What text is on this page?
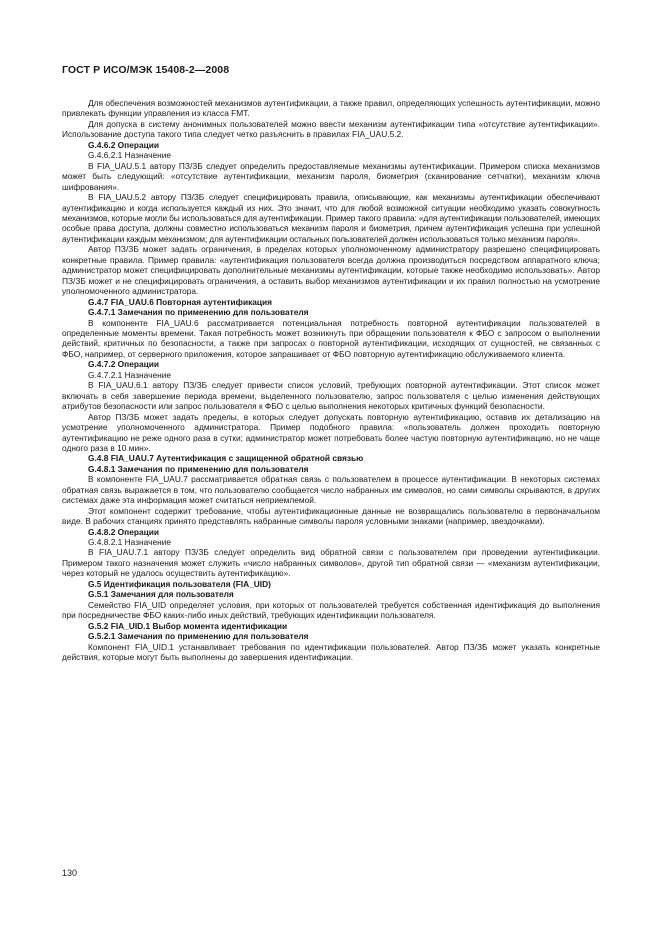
ГОСТ Р ИСО/МЭК 15408-2—2008

Для обеспечения возможностей механизмов аутентификации, а также правил, определяющих успешность аутентификации, можно привлекать функции управления из класса FMT.

Для допуска в систему анонимных пользователей можно ввести механизм аутентификации типа «отсутствие аутентификации». Использование доступа такого типа следует четко разъяснить в правилах FIA_UAU.5.2.

G.4.6.2 Операции

G.4.6.2.1 Назначение

В FIA_UAU.5.1 автору ПЗ/ЗБ следует определить предоставляемые механизмы аутентификации. Примером списка механизмов может быть следующий: «отсутствие аутентификации, механизм пароля, биометрия (сканирование сетчатки), механизм ключа шифрования».

В FIA_UAU.5.2 автору ПЗ/ЗБ следует специфицировать правила, описывающие, как механизмы аутентификации обеспечивают аутентификацию и когда используется каждый из них. Это значит, что для любой возможной ситуации необходимо указать совокупность механизмов, которые могли бы использоваться для аутентификации. Пример такого правила: «для аутентификации пользователей, имеющих особые права доступа, должны совместно использоваться механизм пароля и биометрия, причем аутентификация успешна при успешной аутентификации каждым механизмом; для аутентификации остальных пользователей должен использоваться только механизм пароля».

Автор ПЗ/ЗБ может задать ограничения, в пределах которых уполномоченному администратору разрешено специфицировать конкретные правила. Пример правила: «аутентификация пользователя всегда должна производиться посредством аппаратного ключа; администратор может специфицировать дополнительные механизмы аутентификации, которые также необходимо использовать». Автор ПЗ/ЗБ может и не специфицировать ограничения, а оставить выбор механизмов аутентификации и их правил полностью на усмотрение уполномоченного администратора.

G.4.7 FIA_UAU.6 Повторная аутентификация

G.4.7.1 Замечания по применению для пользователя

В компоненте FIA_UAU.6 рассматривается потенциальная потребность повторной аутентификации пользователей в определенные моменты времени. Такая потребность может возникнуть при обращении пользователя к ФБО с запросом о выполнении действий, критичных по безопасности, а также при запросах о повторной аутентификации, исходящих от сущностей, не связанных с ФБО, например, от серверного приложения, которое запрашивает от ФБО повторную аутентификацию обслуживаемого клиента.

G.4.7.2 Операции

G.4.7.2.1 Назначение

В FIA_UAU.6.1 автору ПЗ/ЗБ следует привести список условий, требующих повторной аутентификации. Этот список может включать в себя завершение периода времени, выделенного пользователю, запрос пользователя с целью изменения действующих атрибутов безопасности или запрос пользователя к ФБО с целью выполнения некоторых критичных функций безопасности.

Автор ПЗ/ЗБ может задать пределы, в которых следует допускать повторную аутентификацию, оставив их детализацию на усмотрение уполномоченного администратора. Пример подобного правила: «пользователь должен проходить повторную аутентификацию не реже одного раза в сутки; администратор может потребовать более частую повторную аутентификацию, но не чаще одного раза в 10 мин».

G.4.8 FIA_UAU.7 Аутентификация с защищенной обратной связью

G.4.8.1 Замечания по применению для пользователя

В компоненте FIA_UAU.7 рассматривается обратная связь с пользователем в процессе аутентификации. В некоторых системах обратная связь выражается в том, что пользователю сообщается число набранных им символов, но сами символы скрываются, в других системах даже эта информация может считаться неприемлемой.

Этот компонент содержит требование, чтобы аутентификационные данные не возвращались пользователю в первоначальном виде. В рабочих станциях принято представлять набранные символы пароля условными знаками (например, звездочками).

G.4.8.2 Операции

G.4.8.2.1 Назначение

В FIA_UAU.7.1 автору ПЗ/ЗБ следует определить вид обратной связи с пользователем при проведении аутентификации. Примером такого назначения может служить «число набранных символов», другой тип обратной связи — «механизм аутентификации, через который не удалось осуществить аутентификацию».

G.5 Идентификация пользователя (FIA_UID)

G.5.1 Замечания для пользователя

Семейство FIA_UID определяет условия, при которых от пользователей требуется собственная идентификация до выполнения при посредничестве ФБО каких-либо иных действий, требующих идентификации пользователя.

G.5.2 FIA_UID.1 Выбор момента идентификации

G.5.2.1 Замечания по применению для пользователя

Компонент FIA_UID.1 устанавливает требования по идентификации пользователей. Автор ПЗ/ЗБ может указать конкретные действия, которые могут быть выполнены до завершения идентификации.

130
